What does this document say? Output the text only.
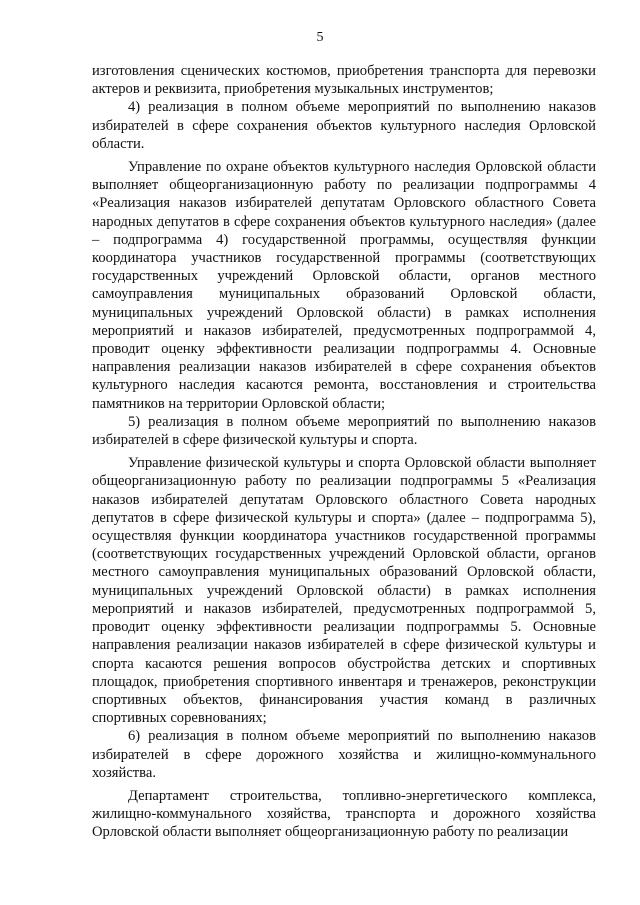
5

изготовления сценических костюмов, приобретения транспорта для перевозки актеров и реквизита, приобретения музыкальных инструментов;

4) реализация в полном объеме мероприятий по выполнению наказов избирателей в сфере сохранения объектов культурного наследия Орловской области.

Управление по охране объектов культурного наследия Орловской области выполняет общеорганизационную работу по реализации подпрограммы 4 «Реализация наказов избирателей депутатам Орловского областного Совета народных депутатов в сфере сохранения объектов культурного наследия» (далее – подпрограмма 4) государственной программы, осуществляя функции координатора участников государственной программы (соответствующих государственных учреждений Орловской области, органов местного самоуправления муниципальных образований Орловской области, муниципальных учреждений Орловской области) в рамках исполнения мероприятий и наказов избирателей, предусмотренных подпрограммой 4, проводит оценку эффективности реализации подпрограммы 4. Основные направления реализации наказов избирателей в сфере сохранения объектов культурного наследия касаются ремонта, восстановления и строительства памятников на территории Орловской области;

5) реализация в полном объеме мероприятий по выполнению наказов избирателей в сфере физической культуры и спорта.

Управление физической культуры и спорта Орловской области выполняет общеорганизационную работу по реализации подпрограммы 5 «Реализация наказов избирателей депутатам Орловского областного Совета народных депутатов в сфере физической культуры и спорта» (далее – подпрограмма 5), осуществляя функции координатора участников государственной программы (соответствующих государственных учреждений Орловской области, органов местного самоуправления муниципальных образований Орловской области, муниципальных учреждений Орловской области) в рамках исполнения мероприятий и наказов избирателей, предусмотренных подпрограммой 5, проводит оценку эффективности реализации подпрограммы 5. Основные направления реализации наказов избирателей в сфере физической культуры и спорта касаются решения вопросов обустройства детских и спортивных площадок, приобретения спортивного инвентаря и тренажеров, реконструкции спортивных объектов, финансирования участия команд в различных спортивных соревнованиях;

6) реализация в полном объеме мероприятий по выполнению наказов избирателей в сфере дорожного хозяйства и жилищно-коммунального хозяйства.

Департамент строительства, топливно-энергетического комплекса, жилищно-коммунального хозяйства, транспорта и дорожного хозяйства Орловской области выполняет общеорганизационную работу по реализации
